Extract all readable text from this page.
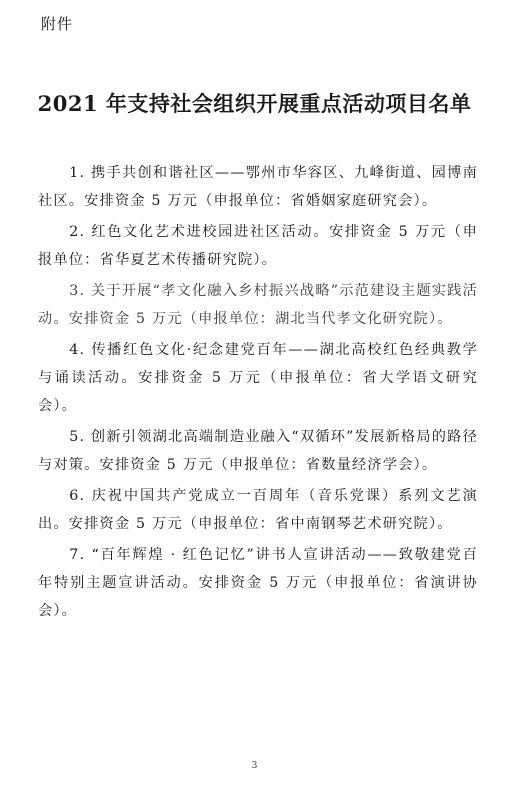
附件
2021 年支持社会组织开展重点活动项目名单

1. 携手共创和谐社区——鄂州市华容区、九峰街道、园博南社区。安排资金 5 万元（申报单位：省婚姻家庭研究会）。

2. 红色文化艺术进校园进社区活动。安排资金 5 万元（申报单位：省华夏艺术传播研究院）。

3. 关于开展“孝文化融入乡村振兴战略”示范建设主题实践活动。安排资金 5 万元（申报单位：湖北当代孝文化研究院）。

4. 传播红色文化·纪念建党百年——湖北高校红色经典教学与诵读活动。安排资金 5 万元（申报单位：省大学语文研究会）。

5. 创新引领湖北高端制造业融入“双循环”发展新格局的路径与对策。安排资金 5 万元（申报单位：省数量经济学会）。

6. 庆祝中国共产党成立一百周年（音乐党课）系列文艺演出。安排资金 5 万元（申报单位：省中南钢琴艺术研究院）。

7. “百年辉煌 · 红色记忆”讲书人宣讲活动——致敬建党百年特别主题宣讲活动。安排资金 5 万元（申报单位：省演讲协会）。

3
